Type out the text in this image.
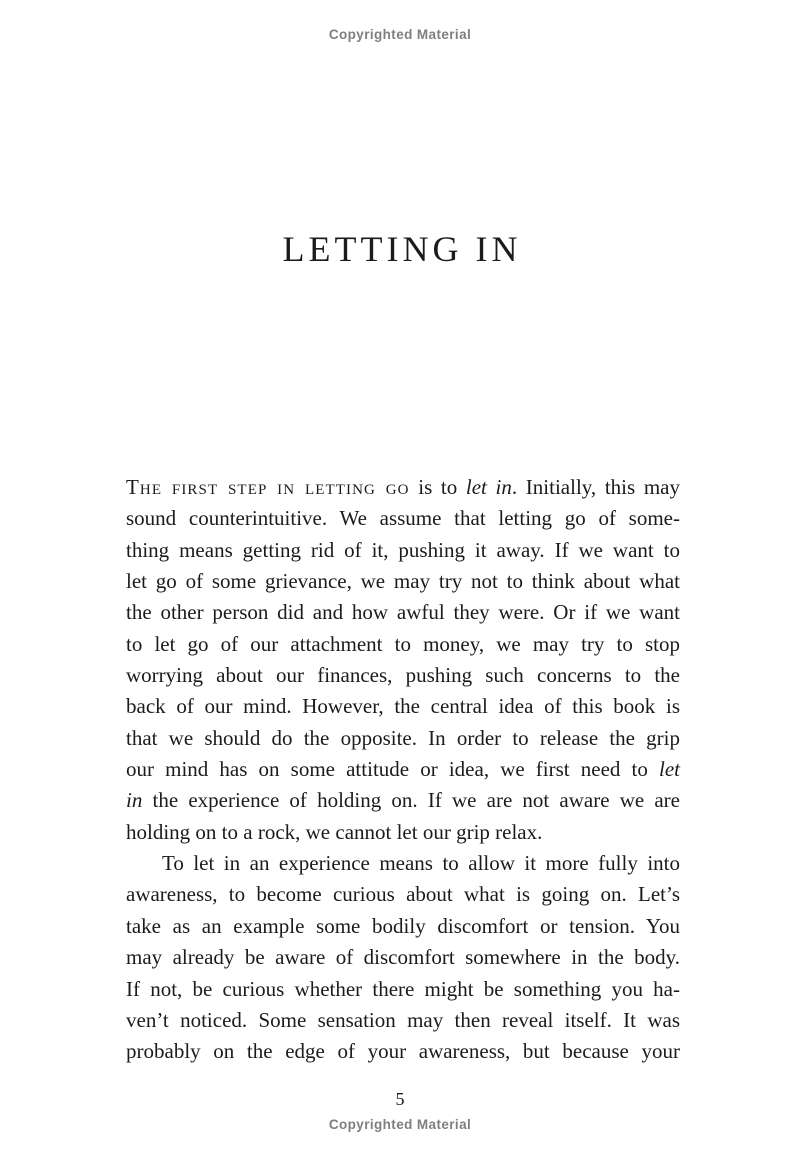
Copyrighted Material
LETTING IN
The first step in letting go is to let in. Initially, this may
sound counterintuitive. We assume that letting go of some-
thing means getting rid of it, pushing it away. If we want to
let go of some grievance, we may try not to think about what
the other person did and how awful they were. Or if we want
to let go of our attachment to money, we may try to stop
worrying about our finances, pushing such concerns to the
back of our mind. However, the central idea of this book is
that we should do the opposite. In order to release the grip
our mind has on some attitude or idea, we first need to let
in the experience of holding on. If we are not aware we are
holding on to a rock, we cannot let our grip relax.
To let in an experience means to allow it more fully into
awareness, to become curious about what is going on. Let’s
take as an example some bodily discomfort or tension. You
may already be aware of discomfort somewhere in the body.
If not, be curious whether there might be something you ha-
ven’t noticed. Some sensation may then reveal itself. It was
probably on the edge of your awareness, but because your
5
Copyrighted Material
